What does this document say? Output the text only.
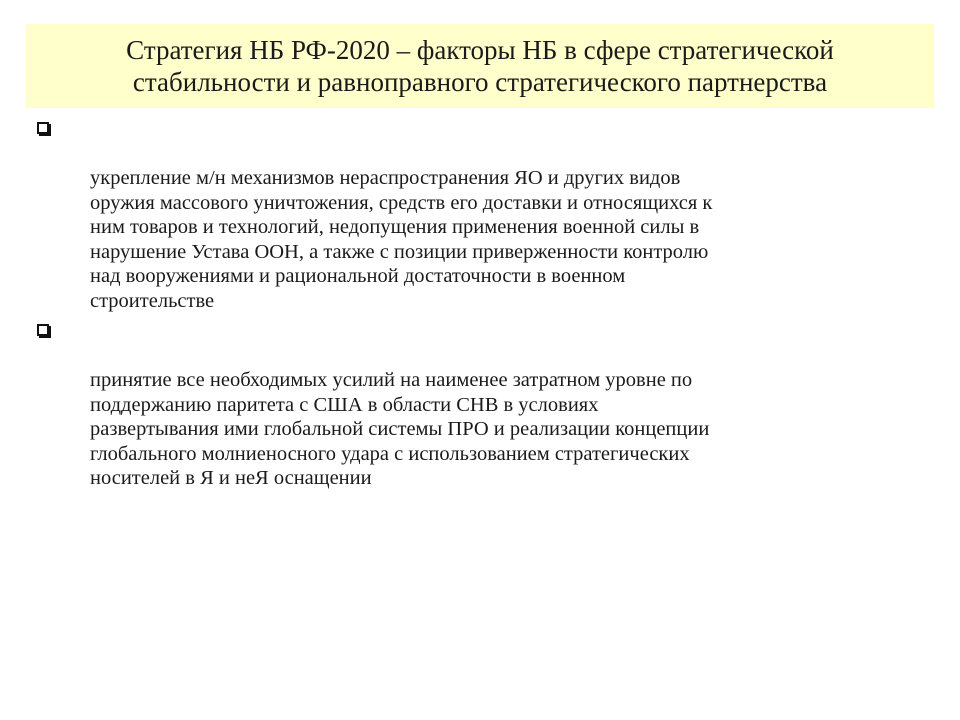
Стратегия НБ РФ-2020 – факторы НБ в сфере стратегической
стабильности и равноправного стратегического партнерства

укрепление м/н механизмов нераспространения ЯО и других видов
оружия массового уничтожения, средств его доставки и относящихся к
ним товаров и технологий, недопущения применения военной силы в
нарушение Устава ООН, а также с позиции приверженности контролю
над вооружениями и рациональной достаточности в военном
строительстве

принятие все необходимых усилий на наименее затратном уровне по
поддержанию паритета с США в области СНВ в условиях
развертывания ими глобальной системы ПРО и реализации концепции
глобального молниеносного удара с использованием стратегических
носителей в Я и неЯ оснащении
